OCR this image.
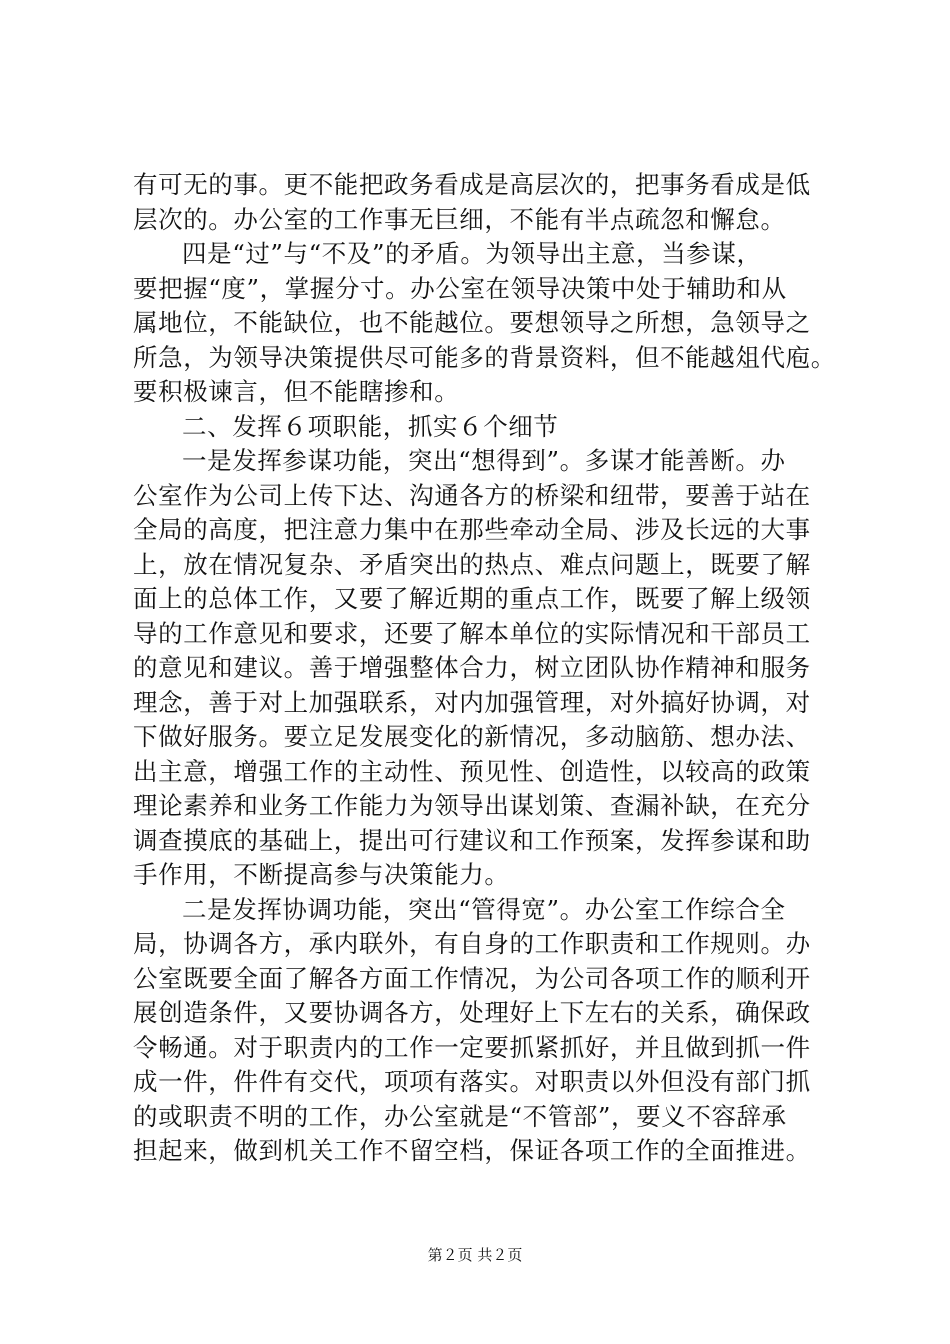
有可无的事。更不能把政务看成是高层次的，把事务看成是低
层次的。办公室的工作事无巨细，不能有半点疏忽和懈怠。
四是“过”与“不及”的矛盾。为领导出主意，当参谋，
要把握“度”，掌握分寸。办公室在领导决策中处于辅助和从
属地位，不能缺位，也不能越位。要想领导之所想，急领导之
所急，为领导决策提供尽可能多的背景资料，但不能越俎代庖。
要积极谏言，但不能瞎掺和。
二、发挥６项职能，抓实６个细节
一是发挥参谋功能，突出“想得到”。多谋才能善断。办
公室作为公司上传下达、沟通各方的桥梁和纽带，要善于站在
全局的高度，把注意力集中在那些牵动全局、涉及长远的大事
上，放在情况复杂、矛盾突出的热点、难点问题上，既要了解
面上的总体工作，又要了解近期的重点工作，既要了解上级领
导的工作意见和要求，还要了解本单位的实际情况和干部员工
的意见和建议。善于增强整体合力，树立团队协作精神和服务
理念，善于对上加强联系，对内加强管理，对外搞好协调，对
下做好服务。要立足发展变化的新情况，多动脑筋、想办法、
出主意，增强工作的主动性、预见性、创造性，以较高的政策
理论素养和业务工作能力为领导出谋划策、查漏补缺，在充分
调查摸底的基础上，提出可行建议和工作预案，发挥参谋和助
手作用，不断提高参与决策能力。
二是发挥协调功能，突出“管得宽”。办公室工作综合全
局，协调各方，承内联外，有自身的工作职责和工作规则。办
公室既要全面了解各方面工作情况，为公司各项工作的顺利开
展创造条件，又要协调各方，处理好上下左右的关系，确保政
令畅通。对于职责内的工作一定要抓紧抓好，并且做到抓一件
成一件，件件有交代，项项有落实。对职责以外但没有部门抓
的或职责不明的工作，办公室就是“不管部”，要义不容辞承
担起来，做到机关工作不留空档，保证各项工作的全面推进。
第２页 共２页
